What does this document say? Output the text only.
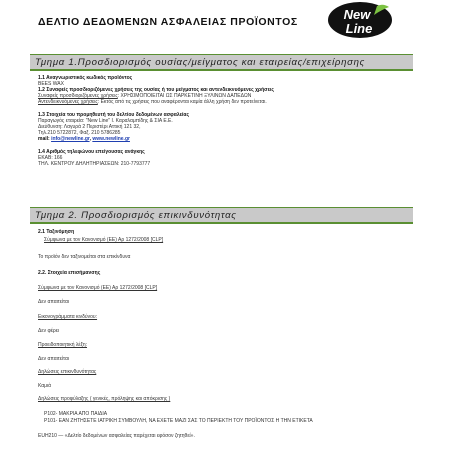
ΔΕΛΤΙΟ ΔΕΔΟΜΕΝΩΝ ΑΣΦΑΛΕΙΑΣ ΠΡΟΪΟΝΤΟΣ	New
Line
Τμημα 1.Προσδιορισμός ουσίας/μείγματος και εταιρείας/επιχείρησης
1.1 Αναγνωριστικός κωδικός προϊόντος
BEES WAX
1.2 Συναφείς προσδιοριζόμενες χρήσεις της ουσίας ή του μείγματος και αντενδεικνυόμενες χρήσεις
Συναφείς προσδιοριζόμενες χρήσεις: ΧΡΗΣΙΜΟΠΟΙΕΙΤΑΙ ΩΣ ΠΑΡΚΕΤΙΝΗ ΞΥΛΙΝΩΝ ΔΑΠΕΔΩΝ
Αντενδεικνυόμενες χρήσεις: Εκτός από τις χρήσεις που αναφέρονται καμία άλλη χρήση δεν προτείνεται.
1.3 Στοιχεία του προμηθευτή του δελτίου δεδομένων ασφαλείας
Παραγωγός εταιρεία: "New Line" Ι. Καραλαμπίδης & ΣΙΑ Ε.Ε.
Διεύθυνση: Λαγυρά 2 Περιστέρι Αττική 121 32,
Τηλ.210 5722872, Φαξ. 210 5786285
mail: info@newline.gr, www.newline.gr
1.4 Αριθμός τηλεφώνου επείγουσας ανάγκης
ΕΚΑΒ: 166
ΤΗΛ. ΚΕΝΤΡΟΥ ΔΗΛΗΤΗΡΙΑΣΕΩΝ: 210-7793777
Τμημα 2. Προσδιορισμός επικινδυνότητας
2.1 Ταξινόμηση
Σύμφωνα με τον Κανονισμό (ΕΕ) Αρ 1272/2008 [CLP]
Το προϊόν δεν ταξινομείται στα επικίνδυνα
2.2. Στοιχεία επισήμανσης
Σύμφωνα με τον Κανονισμό (ΕΕ) Αρ 1272/2008 [CLP]
Δεν απαιτείται
Εικονογράμματα κινδύνου:
Δεν φέρει
Προειδοποιητική λέξη:
Δεν απαιτείται
Δηλώσεις επικινδυνότητας
Καμιά
Δηλώσεις προφύλαξης ( γενικές, πρόληψης και απόκρισης )
P102- ΜΑΚΡΙΑ ΑΠΟ ΠΑΙΔΙΑ
P101- ΕΑΝ ΖΗΤΗΣΕΤΕ ΙΑΤΡΙΚΗ ΣΥΜΒΟΥΛΗ, ΝΑ ΕΧΕΤΕ ΜΑΖΙ ΣΑΣ ΤΟ ΠΕΡΙΕΚΤΗ ΤΟΥ ΠΡΟΪΟΝΤΟΣ Η ΤΗΝ ΕΤΙΚΕΤΑ
EUH210 — «Δελτίο δεδομένων ασφαλείας παρέχεται εφόσον ζητηθεί».
